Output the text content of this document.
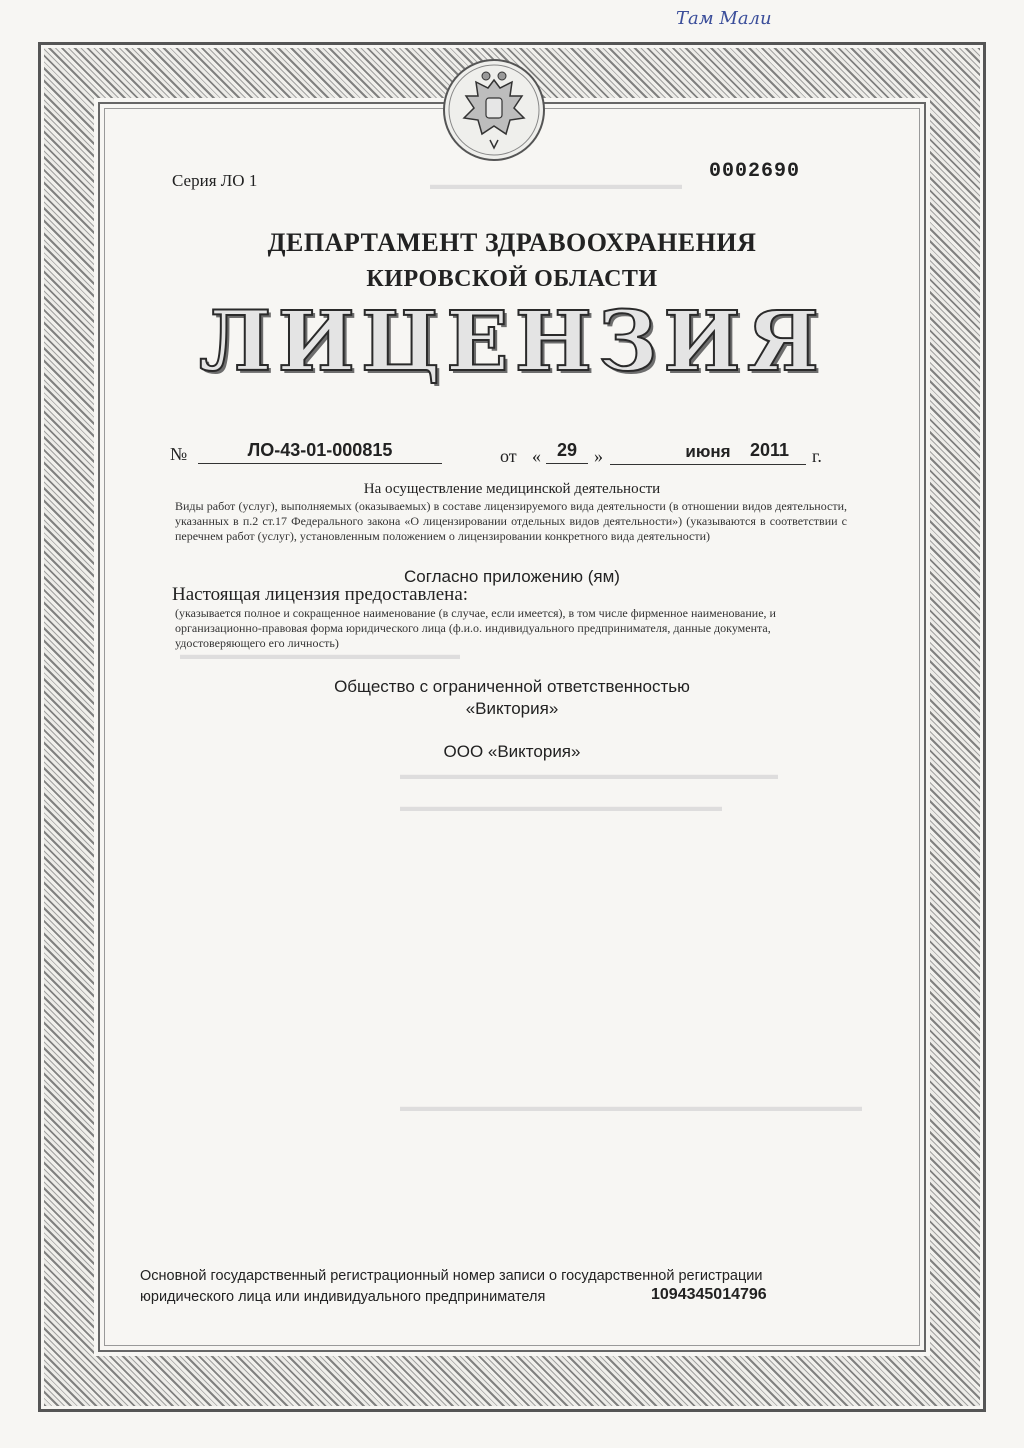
Там Мали
▬▬▬▬▬▬▬▬▬▬▬▬▬▬▬▬▬▬
▬▬▬▬▬▬▬▬▬▬▬▬▬▬▬▬▬▬▬▬
▬▬▬▬▬▬▬▬▬▬▬▬▬▬▬▬▬▬▬▬▬▬▬▬▬▬▬
▬▬▬▬▬▬▬▬▬▬▬▬▬▬▬▬▬▬▬▬▬▬▬
▬▬▬▬▬▬▬▬▬▬▬▬▬▬▬▬▬▬▬▬▬▬▬▬▬▬▬▬▬▬▬▬▬
Серия ЛО 1	0002690
ДЕПАРТАМЕНТ ЗДРАВООХРАНЕНИЯ
КИРОВСКОЙ ОБЛАСТИ
ЛИЦЕНЗИЯ
№	ЛО-43-01-000815	от « 29 »	июня	2011 г.
На осуществление медицинской деятельности
Виды работ (услуг), выполняемых (оказываемых) в составе лицензируемого вида деятельности (в отношении видов деятельности, указанных в п.2 ст.17 Федерального закона «О лицензировании отдельных видов деятельности») (указываются в соответствии с перечнем работ (услуг), установленным положением о лицензировании конкретного вида деятельности)
Согласно приложению (ям)
Настоящая лицензия предоставлена:
(указывается полное и сокращенное наименование (в случае, если имеется), в том числе фирменное наименование, и организационно-правовая форма юридического лица (ф.и.о. индивидуального предпринимателя, данные документа, удостоверяющего его личность)
Общество с ограниченной ответственностью
«Виктория»
ООО «Виктория»
Основной государственный регистрационный номер записи о государственной регистрации
юридического лица или индивидуального предпринимателя	1094345014796
